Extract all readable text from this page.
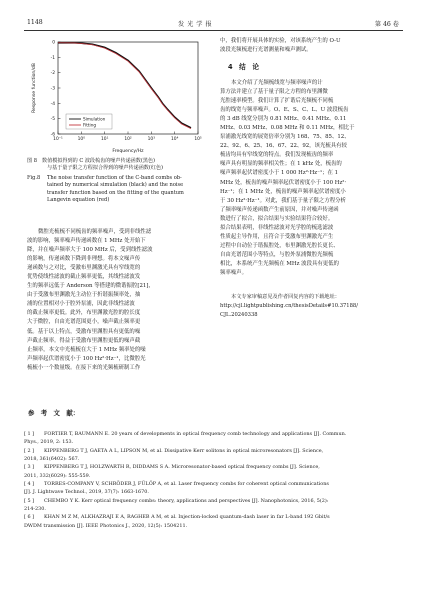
1148	发 光 学 报	第 46 卷
0
-1
-2
-3
-4
-5
-6
10⁻¹	10⁰	10¹	10²	10³	10⁴	10⁵
Response function/dB
Frequency/Hz
Simulation
Fitting
图 8　数值模拟得到的 C 波段梳齿的噪声传递函数(黑色)
与基于量子限之方程拟合得到的噪声传递函数(红色)
Fig.8	The noise transfer function of the C-band combs ob-
tained by numerical simulation (black) and the noise
transfer function based on the fitting of the quantum
Langevin equation (red)
微腔光梳梳不同梳齿的频率噪声，受到非线性滤
波的影响，频率噪声传递函数在 1 MHz 处开始下
降，并在噪声频率大于 100 MHz 后，受到线性滤波
的影响，传递函数下降到非理想。将本文噪声传
递函数与之对比，受激布里渊激光具有窄线宽的
优势使线性滤波的截止频率更低，其线性滤波发
生的频率远低于 Anderson 等搭建的微谐振腔[21]，
由于受激布里渊激光主动位于折谐振频率处，抽
浦的位置相对小于腔外泵浦，因此非线性滤波
的截止频率更低。此外，布里渊激光腔的腔长度
大于微腔，自由光谱范围更小，噪声截止频率更
低。基于以上特点，受激布里渊腔具有更低的噪
声截止频率。得益于受激布里渊腔更低的噪声截
止频率，本文中光梳梳在大于 1 MHz 频率处的噪
声频率起伏谱密度小于 100 Hz²·Hz⁻¹，比微腔光
梳梳小一个数量级。在接下来的光频梳研制工作
中，我们将开展具体的实验，对该系统产生的 O-U
波段光频梳进行光谱测量和噪声测试。
4　结　论
本文介绍了光频梳线宽与频率噪声的计
算方法并建立了基于量子限之方程的布里渊微
光腔速率模型。我们计算了扩谐后光频梳不同梳
齿的线宽与频率噪声。O、E、S、C、L、U 波段梳齿
的 3 dB 线宽分别为 0.81 MHz、0.41 MHz、0.11
MHz、0.03 MHz、0.08 MHz 和 0.11 MHz，相比于
泵浦激光线宽的展宽倍率分别为 168、75、85、12、
22、92、6、25、16、67、22、92，该光梳具有较
梳齿均具有窄线宽的特点。我们发现梳齿的频率
噪声具有明显的频率相关性；在 1 kHz 处，梳齿的
噪声频率起伏谱密度小于 1 000 Hz²·Hz⁻¹；在 1
MHz 处，梳齿的噪声频率起伏谱密度小于 100 Hz²·
Hz⁻¹；在 1 MHz 处，梳齿的噪声频率起伏谱密度小
于 30 Hz²·Hz⁻¹。对此，我们基于量子限之方程分析
了频率噪声传递函数产生前原因，并对噪声传递函
数进行了拟合，拟合结果与实验结果符合较好。
拟合结果表明，非线性滤波对光学腔的梳选滤波
性质起主导作用，且符合于受激布里渊激光产生
过程中自动位于谐振腔处，布里渊激光腔长更长、
自由光谱范围小等特点，与腔外泵浦微腔光频梳
相比，本系统产生光频梳在 MHz 波段具有更低的
频率噪声。
本文专家审稿意见及作者回复内容的下载地址：
http://cjl.lightpublishing.cn/thesisDetails#10.37188/
CJL.20240338
参　考　文　献：
[ 1 ]	FORTIER T, BAUMANN E. 20 years of developments in optical frequency comb technology and applications [J]. Commun.
Phys., 2019, 2: 153.
[ 2 ]	KIPPENBERG T J, GAETA A L, LIPSON M, et al. Dissipative Kerr solitons in optical microresonators [J]. Science,
2018, 361(6402): 567.
[ 3 ]	KIPPENBERG T J, HOLZWARTH R, DIDDAMS S A. Microresonator-based optical frequency combs [J]. Science,
2011, 332(6029): 555-559.
[ 4 ]	TORRES-COMPANY V, SCHRÖDER J, FÜLÖP A, et al. Laser frequency combs for coherent optical communications
[J]. J. Lightwave Technol., 2019, 37(7): 1663-1670.
[ 5 ]	CHEMBO Y K. Kerr optical frequency combs: theory, applications and perspectives [J]. Nanophotonics, 2016, 5(2):
214-230.
[ 6 ]	KHAN M Z M, ALKHAZRAJI E A, RAGHEB A M, et al. Injection-locked quantum-dash laser in far L-band 192 Gbit/s
DWDM transmission [J]. IEEE Photonics J., 2020, 12(5): 1504211.
